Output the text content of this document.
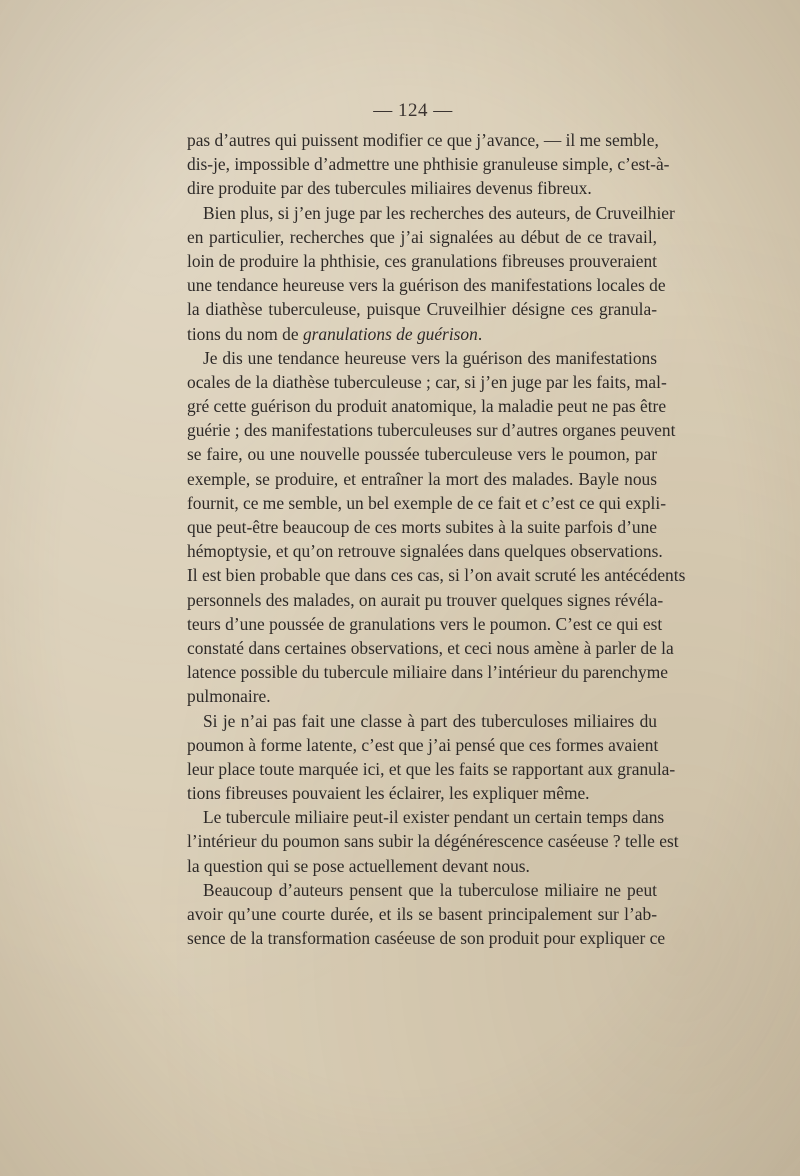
— 124 —
pas d’autres qui puissent modifier ce que j’avance, — il me semble,
dis-je, impossible d’admettre une phthisie granuleuse simple, c’est-à-
dire produite par des tubercules miliaires devenus fibreux.
Bien plus, si j’en juge par les recherches des auteurs, de Cruveilhier
en particulier, recherches que j’ai signalées au début de ce travail,
loin de produire la phthisie, ces granulations fibreuses prouveraient
une tendance heureuse vers la guérison des manifestations locales de
la diathèse tuberculeuse, puisque Cruveilhier désigne ces granula-
tions du nom de granulations de guérison.
Je dis une tendance heureuse vers la guérison des manifestations
ocales de la diathèse tuberculeuse ; car, si j’en juge par les faits, mal-
gré cette guérison du produit anatomique, la maladie peut ne pas être
guérie ; des manifestations tuberculeuses sur d’autres organes peuvent
se faire, ou une nouvelle poussée tuberculeuse vers le poumon, par
exemple, se produire, et entraîner la mort des malades. Bayle nous
fournit, ce me semble, un bel exemple de ce fait et c’est ce qui expli-
que peut-être beaucoup de ces morts subites à la suite parfois d’une
hémoptysie, et qu’on retrouve signalées dans quelques observations.
Il est bien probable que dans ces cas, si l’on avait scruté les antécédents
personnels des malades, on aurait pu trouver quelques signes révéla-
teurs d’une poussée de granulations vers le poumon. C’est ce qui est
constaté dans certaines observations, et ceci nous amène à parler de la
latence possible du tubercule miliaire dans l’intérieur du parenchyme
pulmonaire.
Si je n’ai pas fait une classe à part des tuberculoses miliaires du
poumon à forme latente, c’est que j’ai pensé que ces formes avaient
leur place toute marquée ici, et que les faits se rapportant aux granula-
tions fibreuses pouvaient les éclairer, les expliquer même.
Le tubercule miliaire peut-il exister pendant un certain temps dans
l’intérieur du poumon sans subir la dégénérescence caséeuse ? telle est
la question qui se pose actuellement devant nous.
Beaucoup d’auteurs pensent que la tuberculose miliaire ne peut
avoir qu’une courte durée, et ils se basent principalement sur l’ab-
sence de la transformation caséeuse de son produit pour expliquer ce
